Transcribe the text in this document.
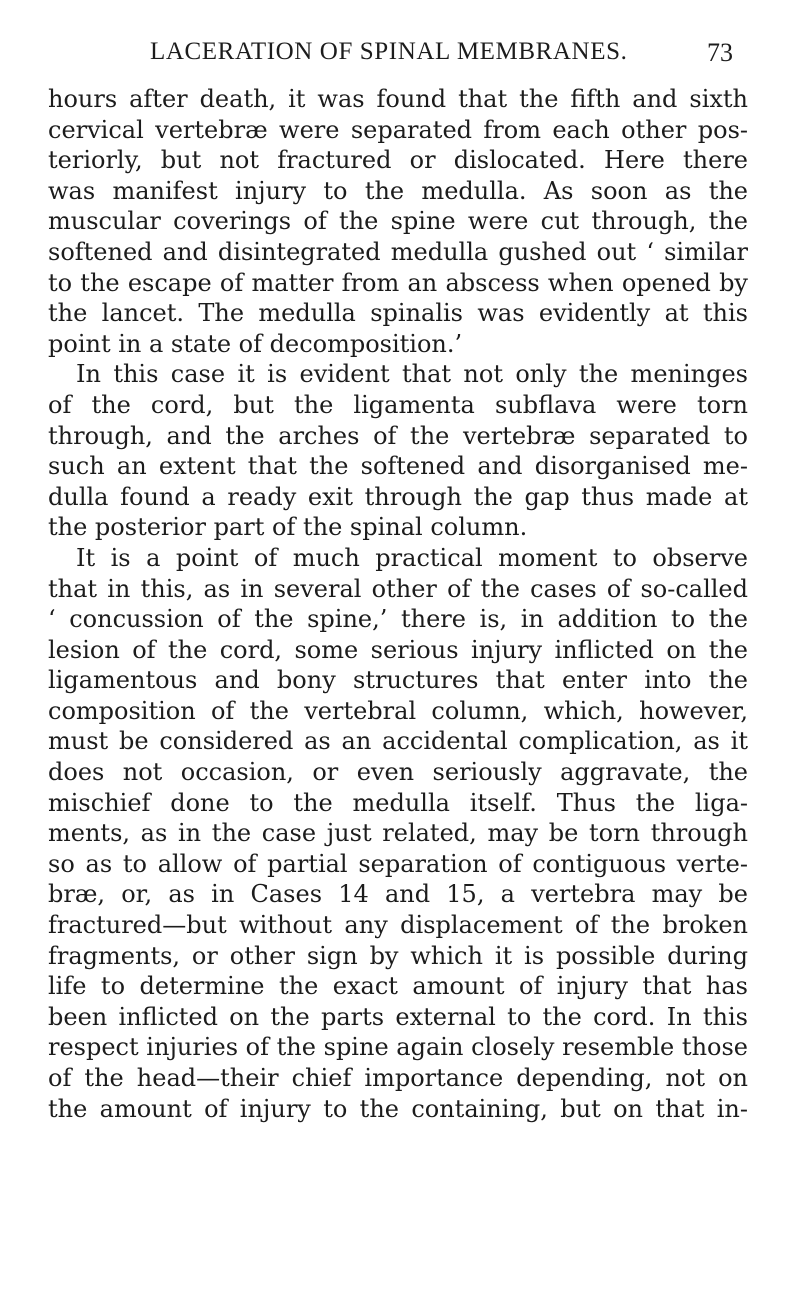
LACERATION OF SPINAL MEMBRANES.	73
hours after death, it was found that the fifth and sixth
cervical vertebræ were separated from each other pos-
teriorly, but not fractured or dislocated. Here there
was manifest injury to the medulla. As soon as the
muscular coverings of the spine were cut through, the
softened and disintegrated medulla gushed out ‘ similar
to the escape of matter from an abscess when opened by
the lancet. The medulla spinalis was evidently at this
point in a state of decomposition.’
In this case it is evident that not only the meninges
of the cord, but the ligamenta subflava were torn
through, and the arches of the vertebræ separated to
such an extent that the softened and disorganised me-
dulla found a ready exit through the gap thus made at
the posterior part of the spinal column.
It is a point of much practical moment to observe
that in this, as in several other of the cases of so-called
‘ concussion of the spine,’ there is, in addition to the
lesion of the cord, some serious injury inflicted on the
ligamentous and bony structures that enter into the
composition of the vertebral column, which, however,
must be considered as an accidental complication, as it
does not occasion, or even seriously aggravate, the
mischief done to the medulla itself. Thus the liga-
ments, as in the case just related, may be torn through
so as to allow of partial separation of contiguous verte-
bræ, or, as in Cases 14 and 15, a vertebra may be
fractured—but without any displacement of the broken
fragments, or other sign by which it is possible during
life to determine the exact amount of injury that has
been inflicted on the parts external to the cord. In this
respect injuries of the spine again closely resemble those
of the head—their chief importance depending, not on
the amount of injury to the containing, but on that in-
